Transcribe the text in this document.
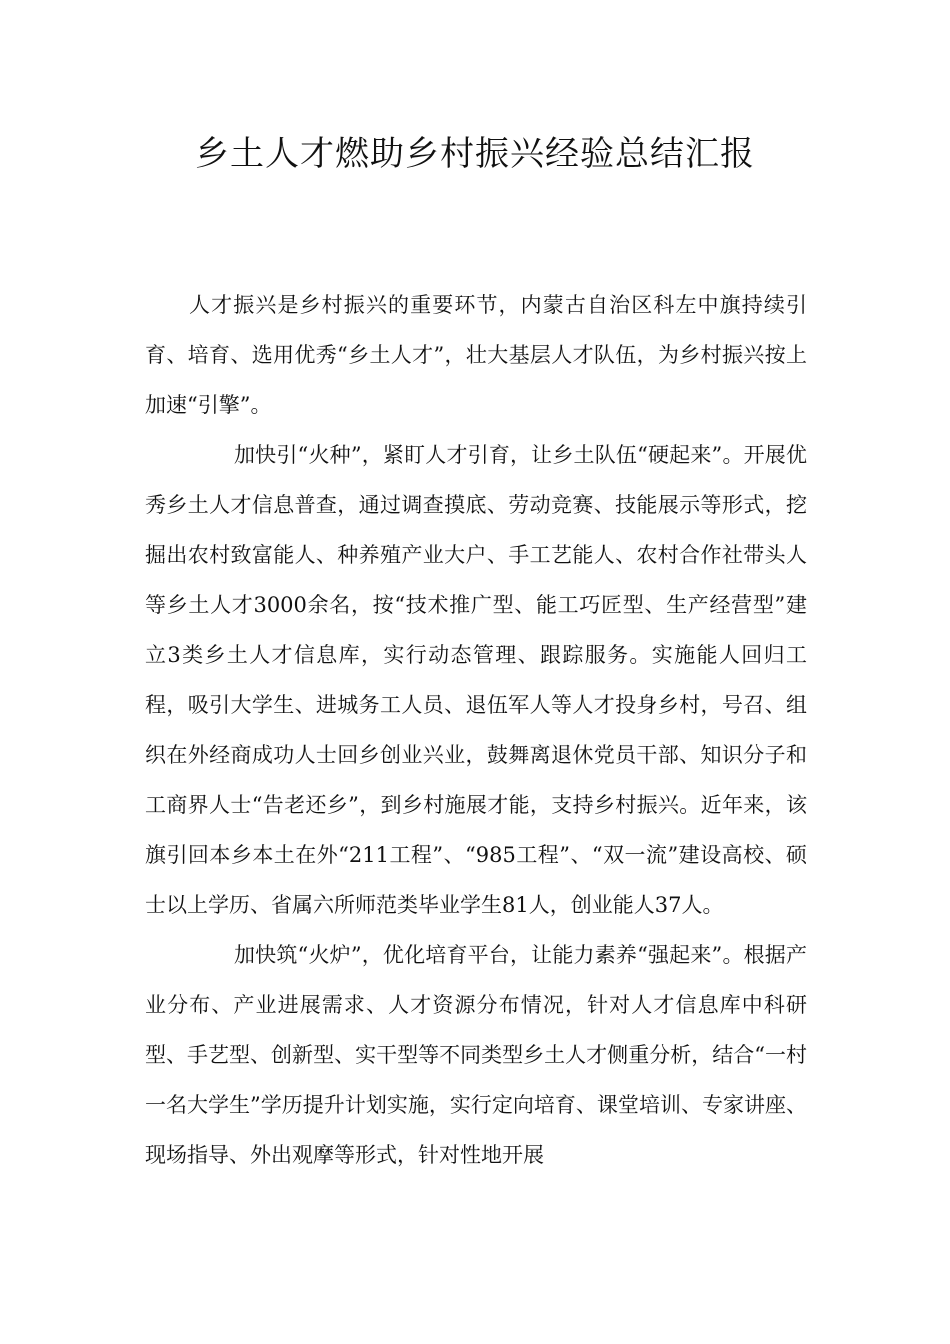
乡土人才燃助乡村振兴经验总结汇报

人才振兴是乡村振兴的重要环节，内蒙古自治区科左中旗持续引育、培育、选用优秀“乡土人才”，壮大基层人才队伍，为乡村振兴按上加速“引擎”。

加快引“火种”，紧盯人才引育，让乡土队伍“硬起来”。开展优秀乡土人才信息普查，通过调查摸底、劳动竞赛、技能展示等形式，挖掘出农村致富能人、种养殖产业大户、手工艺能人、农村合作社带头人等乡土人才3000余名，按“技术推广型、能工巧匠型、生产经营型”建立3类乡土人才信息库，实行动态管理、跟踪服务。实施能人回归工程，吸引大学生、进城务工人员、退伍军人等人才投身乡村，号召、组织在外经商成功人士回乡创业兴业，鼓舞离退休党员干部、知识分子和工商界人士“告老还乡”，到乡村施展才能，支持乡村振兴。近年来，该旗引回本乡本土在外“211工程”、“985工程”、“双一流”建设高校、硕士以上学历、省属六所师范类毕业学生81人，创业能人37人。

加快筑“火炉”，优化培育平台，让能力素养“强起来”。根据产业分布、产业进展需求、人才资源分布情况，针对人才信息库中科研型、手艺型、创新型、实干型等不同类型乡土人才侧重分析，结合“一村一名大学生”学历提升计划实施，实行定向培育、课堂培训、专家讲座、现场指导、外出观摩等形式，针对性地开展
